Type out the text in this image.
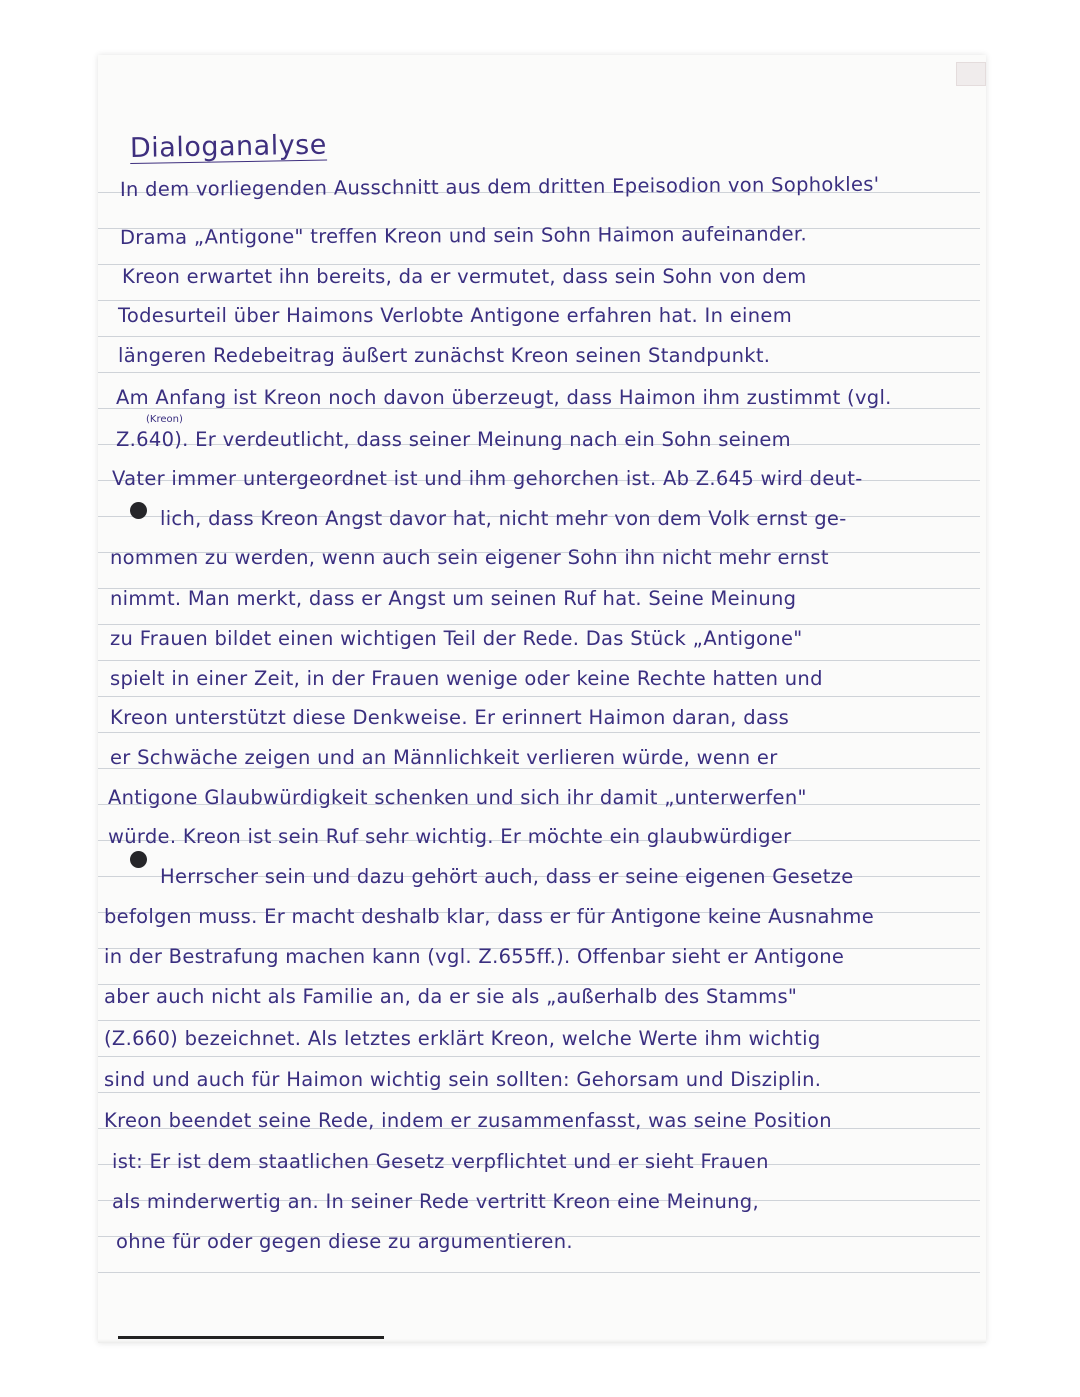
Dialoganalyse
(Kreon)
In dem vorliegenden Ausschnitt aus dem dritten Epeisodion von Sophokles'
Drama „Antigone" treffen Kreon und sein Sohn Haimon aufeinander.
Kreon erwartet ihn bereits, da er vermutet, dass sein Sohn von dem
Todesurteil über Haimons Verlobte Antigone erfahren hat. In einem
längeren Redebeitrag äußert zunächst Kreon seinen Standpunkt.
Am Anfang ist Kreon noch davon überzeugt, dass Haimon ihm zustimmt (vgl.
Z.640). Er verdeutlicht, dass seiner Meinung nach ein Sohn seinem
Vater immer untergeordnet ist und ihm gehorchen ist. Ab Z.645 wird deut-
lich, dass Kreon Angst davor hat, nicht mehr von dem Volk ernst ge-
nommen zu werden, wenn auch sein eigener Sohn ihn nicht mehr ernst
nimmt. Man merkt, dass er Angst um seinen Ruf hat. Seine Meinung
zu Frauen bildet einen wichtigen Teil der Rede. Das Stück „Antigone"
spielt in einer Zeit, in der Frauen wenige oder keine Rechte hatten und
Kreon unterstützt diese Denkweise. Er erinnert Haimon daran, dass
er Schwäche zeigen und an Männlichkeit verlieren würde, wenn er
Antigone Glaubwürdigkeit schenken und sich ihr damit „unterwerfen"
würde. Kreon ist sein Ruf sehr wichtig. Er möchte ein glaubwürdiger
Herrscher sein und dazu gehört auch, dass er seine eigenen Gesetze
befolgen muss. Er macht deshalb klar, dass er für Antigone keine Ausnahme
in der Bestrafung machen kann (vgl. Z.655ff.). Offenbar sieht er Antigone
aber auch nicht als Familie an, da er sie als „außerhalb des Stamms"
(Z.660) bezeichnet. Als letztes erklärt Kreon, welche Werte ihm wichtig
sind und auch für Haimon wichtig sein sollten: Gehorsam und Disziplin.
Kreon beendet seine Rede, indem er zusammenfasst, was seine Position
ist: Er ist dem staatlichen Gesetz verpflichtet und er sieht Frauen
als minderwertig an. In seiner Rede vertritt Kreon eine Meinung,
ohne für oder gegen diese zu argumentieren.
